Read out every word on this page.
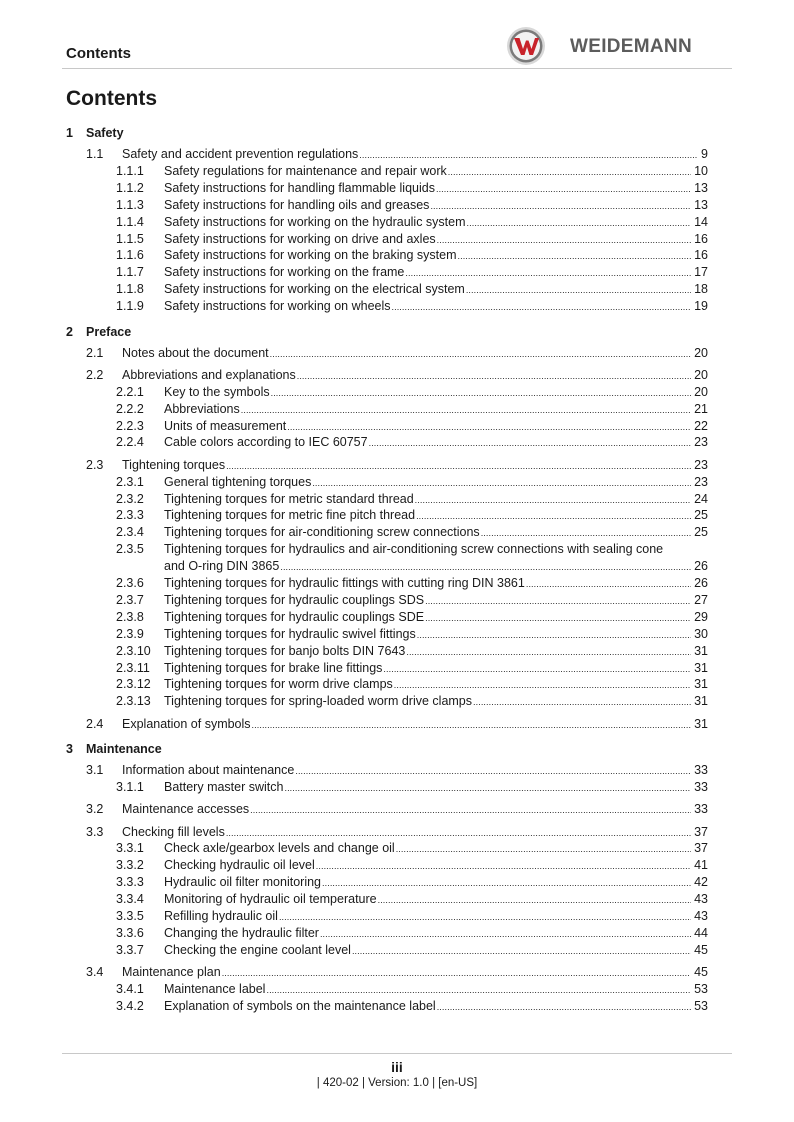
Contents	WEIDEMANN
Contents
1 Safety
1.1 Safety and accident prevention regulations . . .	9
1.1.1 Safety regulations for maintenance and repair work . . .	10
1.1.2 Safety instructions for handling flammable liquids . . .	13
1.1.3 Safety instructions for handling oils and greases . . .	13
1.1.4 Safety instructions for working on the hydraulic system . . .	14
1.1.5 Safety instructions for working on drive and axles . . .	16
1.1.6 Safety instructions for working on the braking system . . .	16
1.1.7 Safety instructions for working on the frame . . .	17
1.1.8 Safety instructions for working on the electrical system . . .	18
1.1.9 Safety instructions for working on wheels . . .	19
2 Preface
2.1 Notes about the document . . .	20
2.2 Abbreviations and explanations . . .	20
2.2.1 Key to the symbols . . .	20
2.2.2 Abbreviations . . .	21
2.2.3 Units of measurement . . .	22
2.2.4 Cable colors according to IEC 60757 . . .	23
2.3 Tightening torques . . .	23
2.3.1 General tightening torques . . .	23
2.3.2 Tightening torques for metric standard thread . . .	24
2.3.3 Tightening torques for metric fine pitch thread . . .	25
2.3.4 Tightening torques for air-conditioning screw connections . . .	25
2.3.5 Tightening torques for hydraulics and air-conditioning screw connections with sealing cone
and O-ring DIN 3865 . . .	26
2.3.6 Tightening torques for hydraulic fittings with cutting ring DIN 3861 . . .	26
2.3.7 Tightening torques for hydraulic couplings SDS . . .	27
2.3.8 Tightening torques for hydraulic couplings SDE . . .	29
2.3.9 Tightening torques for hydraulic swivel fittings . . .	30
2.3.10 Tightening torques for banjo bolts DIN 7643 . . .	31
2.3.11 Tightening torques for brake line fittings . . .	31
2.3.12 Tightening torques for worm drive clamps . . .	31
2.3.13 Tightening torques for spring-loaded worm drive clamps . . .	31
2.4 Explanation of symbols . . .	31
3 Maintenance
3.1 Information about maintenance . . .	33
3.1.1 Battery master switch . . .	33
3.2 Maintenance accesses . . .	33
3.3 Checking fill levels . . .	37
3.3.1 Check axle/gearbox levels and change oil . . .	37
3.3.2 Checking hydraulic oil level . . .	41
3.3.3 Hydraulic oil filter monitoring . . .	42
3.3.4 Monitoring of hydraulic oil temperature . . .	43
3.3.5 Refilling hydraulic oil . . .	43
3.3.6 Changing the hydraulic filter . . .	44
3.3.7 Checking the engine coolant level . . .	45
3.4 Maintenance plan . . .	45
3.4.1 Maintenance label . . .	53
3.4.2 Explanation of symbols on the maintenance label . . .	53
iii
| 420-02 | Version: 1.0 | [en-US]
